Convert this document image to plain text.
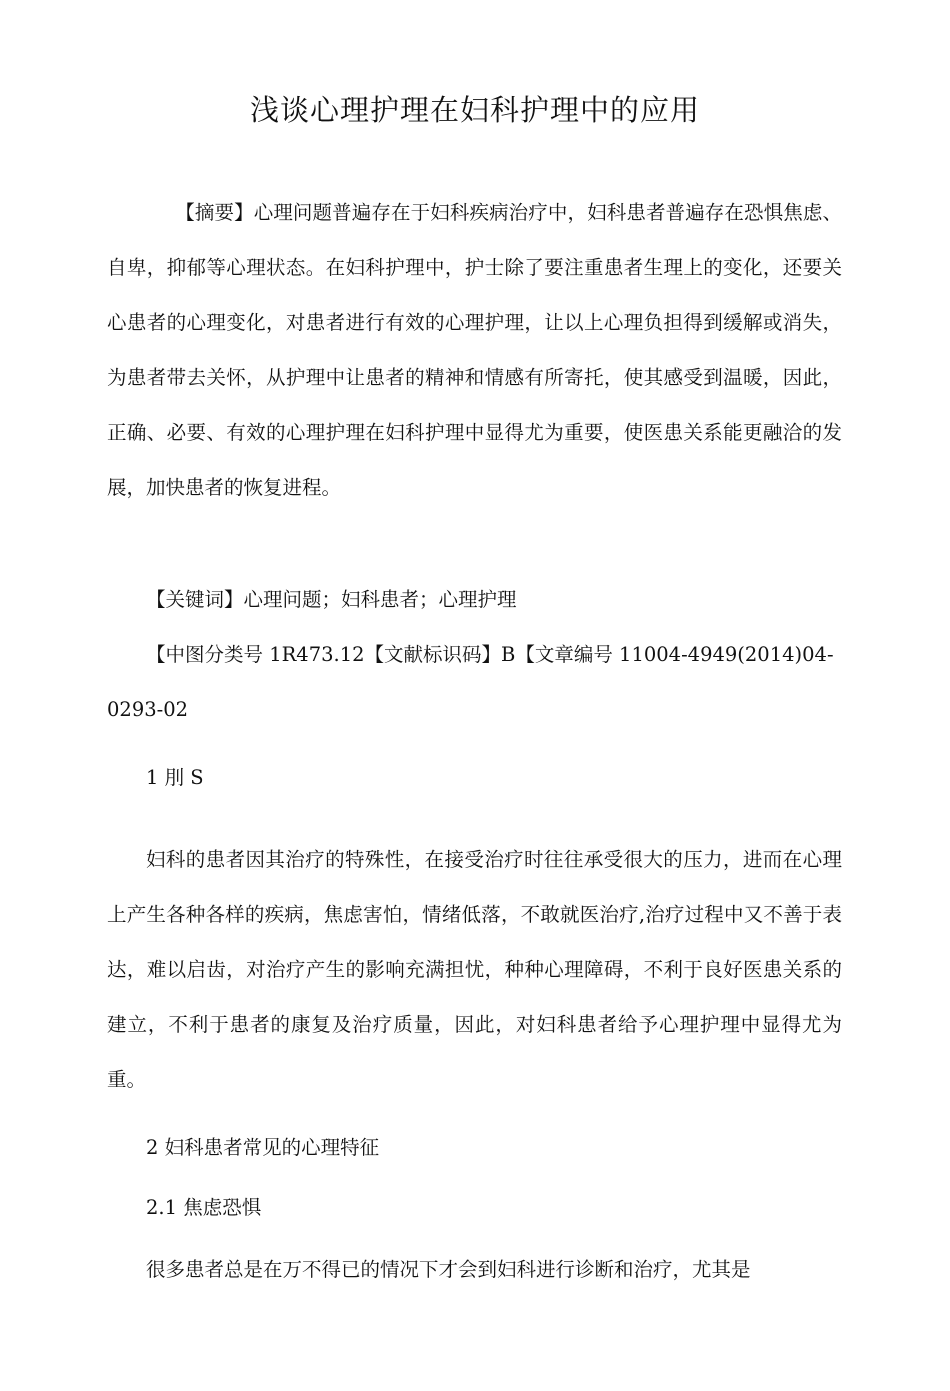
浅谈心理护理在妇科护理中的应用

【摘要】心理问题普遍存在于妇科疾病治疗中，妇科患者普遍存在恐惧焦虑、自卑，抑郁等心理状态。在妇科护理中，护士除了要注重患者生理上的变化，还要关心患者的心理变化，对患者进行有效的心理护理，让以上心理负担得到缓解或消失，为患者带去关怀，从护理中让患者的精神和情感有所寄托，使其感受到温暖，因此，正确、必要、有效的心理护理在妇科护理中显得尤为重要，使医患关系能更融洽的发展，加快患者的恢复进程。

【关键词】心理问题；妇科患者；心理护理

【中图分类号 1R473.12【文献标识码】B【文章编号 11004-4949(2014)04-0293-02

1 刖 S

妇科的患者因其治疗的特殊性，在接受治疗时往往承受很大的压力，进而在心理上产生各种各样的疾病，焦虑害怕，情绪低落，不敢就医治疗,治疗过程中又不善于表达，难以启齿，对治疗产生的影响充满担忧，种种心理障碍，不利于良好医患关系的建立，不利于患者的康复及治疗质量，因此，对妇科患者给予心理护理中显得尤为重。

2 妇科患者常见的心理特征

2.1 焦虑恐惧

很多患者总是在万不得已的情况下才会到妇科进行诊断和治疗，尤其是
